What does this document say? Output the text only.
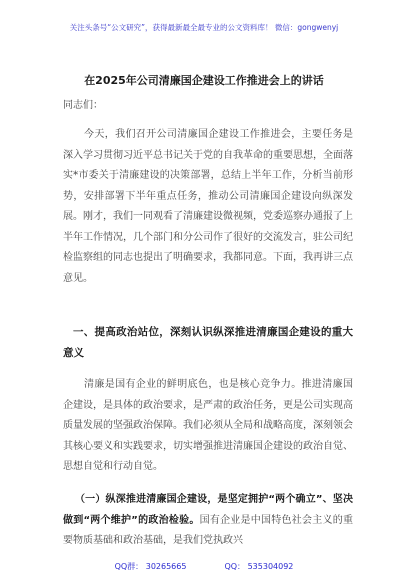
关注头条号“公文研究”，获得最新最全最专业的公文资料库！ 微信：gongwenyj
在2025年公司清廉国企建设工作推进会上的讲话

同志们：

今天，我们召开公司清廉国企建设工作推进会，主要任务是深入学习贯彻习近平总书记关于党的自我革命的重要思想，全面落实*市委关于清廉建设的决策部署，总结上半年工作，分析当前形势，安排部署下半年重点任务，推动公司清廉国企建设向纵深发展。刚才，我们一同观看了清廉建设微视频，党委巡察办通报了上半年工作情况，几个部门和分公司作了很好的交流发言，驻公司纪检监察组的同志也提出了明确要求，我都同意。下面，我再讲三点意见。

一、提高政治站位，深刻认识纵深推进清廉国企建设的重大意义

清廉是国有企业的鲜明底色，也是核心竞争力。推进清廉国企建设，是具体的政治要求，是严肃的政治任务，更是公司实现高质量发展的坚强政治保障。我们必须从全局和战略高度，深刻领会其核心要义和实践要求，切实增强推进清廉国企建设的政治自觉、思想自觉和行动自觉。

（一）纵深推进清廉国企建设，是坚定拥护“两个确立”、坚决做到“两个维护”的政治检验。国有企业是中国特色社会主义的重要物质基础和政治基础，是我们党执政兴

QQ群： 30265665	QQ： 535304092
